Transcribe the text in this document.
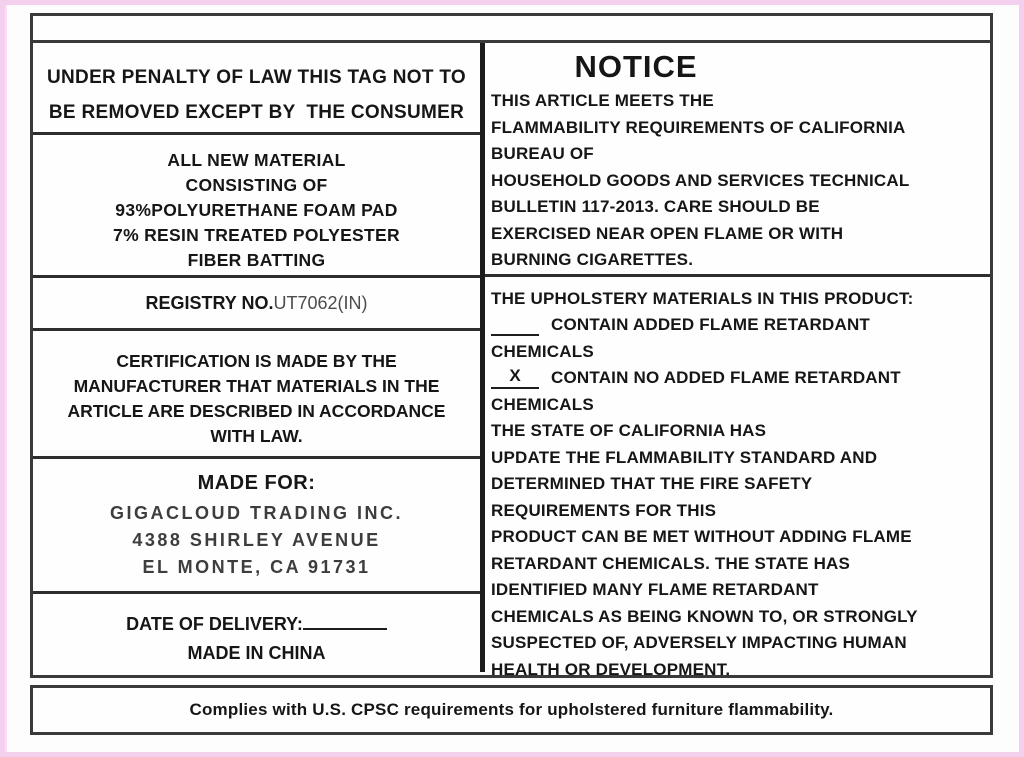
UNDER PENALTY OF LAW THIS TAG NOT TO
BE REMOVED EXCEPT BY  THE CONSUMER
ALL NEW MATERIAL
CONSISTING OF
93%POLYURETHANE FOAM PAD
7% RESIN TREATED POLYESTER
FIBER BATTING
REGISTRY NO. UT7062(IN)
CERTIFICATION IS MADE BY THE
MANUFACTURER THAT MATERIALS IN THE
ARTICLE ARE DESCRIBED IN ACCORDANCE
WITH LAW.
MADE FOR:
GIGACLOUD TRADING INC.
4388 SHIRLEY AVENUE
EL MONTE, CA 91731
DATE OF DELIVERY:
MADE IN CHINA
NOTICE
THIS ARTICLE MEETS THE
FLAMMABILITY REQUIREMENTS OF CALIFORNIA
BUREAU OF
HOUSEHOLD GOODS AND SERVICES TECHNICAL
BULLETIN 117-2013. CARE SHOULD BE
EXERCISED NEAR OPEN FLAME OR WITH
BURNING CIGARETTES.
THE UPHOLSTERY MATERIALS IN THIS PRODUCT:
CONTAIN ADDED FLAME RETARDANT
CHEMICALS
X	CONTAIN NO ADDED FLAME RETARDANT
CHEMICALS
THE STATE OF CALIFORNIA HAS
UPDATE THE FLAMMABILITY STANDARD AND
DETERMINED THAT THE FIRE SAFETY
REQUIREMENTS FOR THIS
PRODUCT CAN BE MET WITHOUT ADDING FLAME
RETARDANT CHEMICALS. THE STATE HAS
IDENTIFIED MANY FLAME RETARDANT
CHEMICALS AS BEING KNOWN TO, OR STRONGLY
SUSPECTED OF, ADVERSELY IMPACTING HUMAN
HEALTH OR DEVELOPMENT.
Complies with U.S. CPSC requirements for upholstered furniture flammability.
